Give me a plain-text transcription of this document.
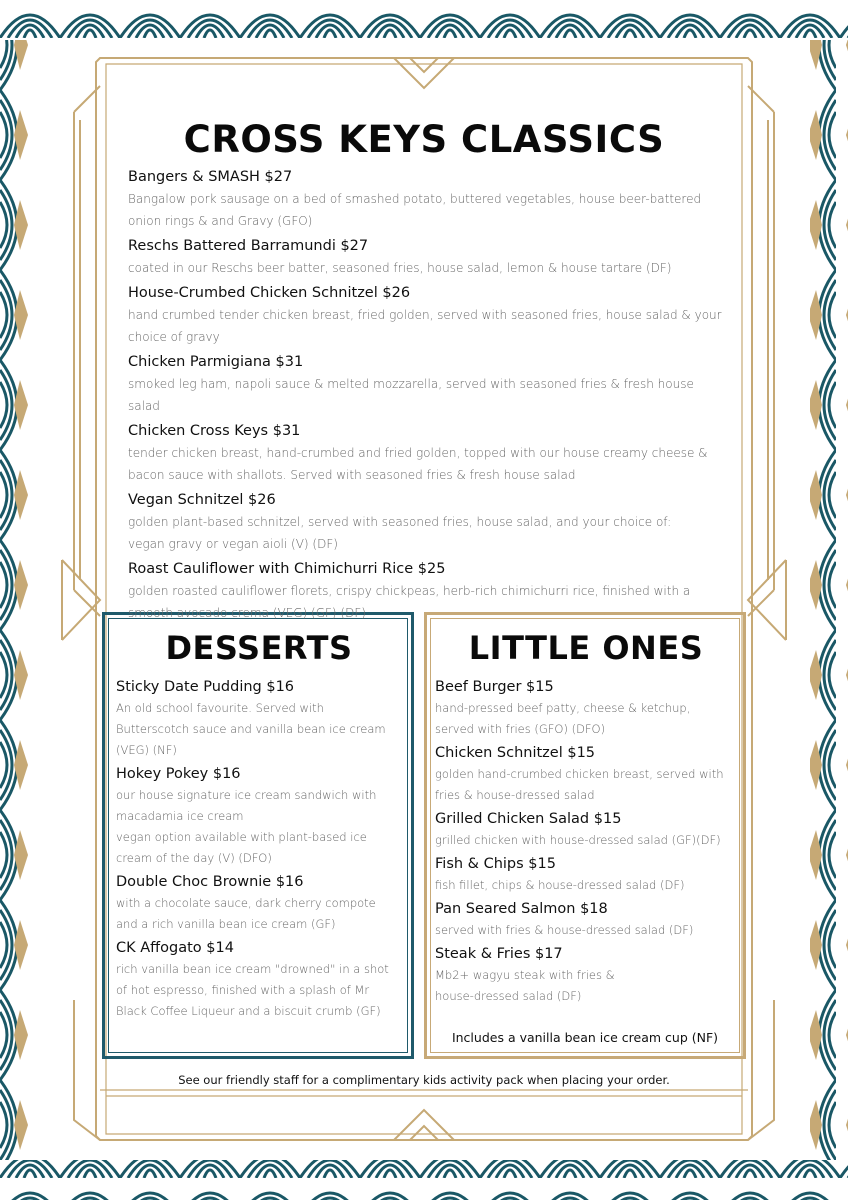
CROSS KEYS CLASSICS
Bangers & SMASH $27
Bangalow pork sausage on a bed of smashed potato, buttered vegetables, house beer-battered
onion rings & and Gravy (GFO)
Reschs Battered Barramundi $27
coated in our Reschs beer batter, seasoned fries, house salad, lemon & house tartare (DF)
House-Crumbed Chicken Schnitzel $26
hand crumbed tender chicken breast, fried golden, served with seasoned fries, house salad & your
choice of gravy
Chicken Parmigiana $31
smoked leg ham, napoli sauce & melted mozzarella, served with seasoned fries & fresh house salad
Chicken Cross Keys $31
tender chicken breast, hand-crumbed and fried golden, topped with our house creamy cheese &
bacon sauce with shallots. Served with seasoned fries & fresh house salad
Vegan Schnitzel $26
golden plant-based schnitzel, served with seasoned fries, house salad, and your choice of:
vegan gravy or vegan aioli (V) (DF)
Roast Cauliflower with Chimichurri Rice $25
golden roasted cauliflower florets, crispy chickpeas, herb-rich chimichurri rice, finished with a
smooth avocado crema (VEG) (GF) (DF)
DESSERTS
Sticky Date Pudding $16
An old school favourite. Served with
Butterscotch sauce and vanilla bean ice cream
(VEG) (NF)
Hokey Pokey $16
our house signature ice cream sandwich with
macadamia ice cream
vegan option available with plant-based ice
cream of the day (V) (DFO)
Double Choc Brownie $16
with a chocolate sauce, dark cherry compote
and a rich vanilla bean ice cream (GF)
CK Affogato $14
rich vanilla bean ice cream "drowned" in a shot
of hot espresso, finished with a splash of Mr
Black Coffee Liqueur and a biscuit crumb (GF)
LITTLE ONES
Beef Burger $15
hand-pressed beef patty, cheese & ketchup,
served with fries (GFO) (DFO)
Chicken Schnitzel $15
golden hand-crumbed chicken breast, served with
fries & house-dressed salad
Grilled Chicken Salad $15
grilled chicken with house-dressed salad (GF)(DF)
Fish & Chips $15
fish fillet, chips & house-dressed salad (DF)
Pan Seared Salmon $18
served with fries & house-dressed salad (DF)
Steak & Fries $17
Mb2+ wagyu steak with fries &
house-dressed salad (DF)
Includes a vanilla bean ice cream cup (NF)
See our friendly staff for a complimentary kids activity pack when placing your order.
